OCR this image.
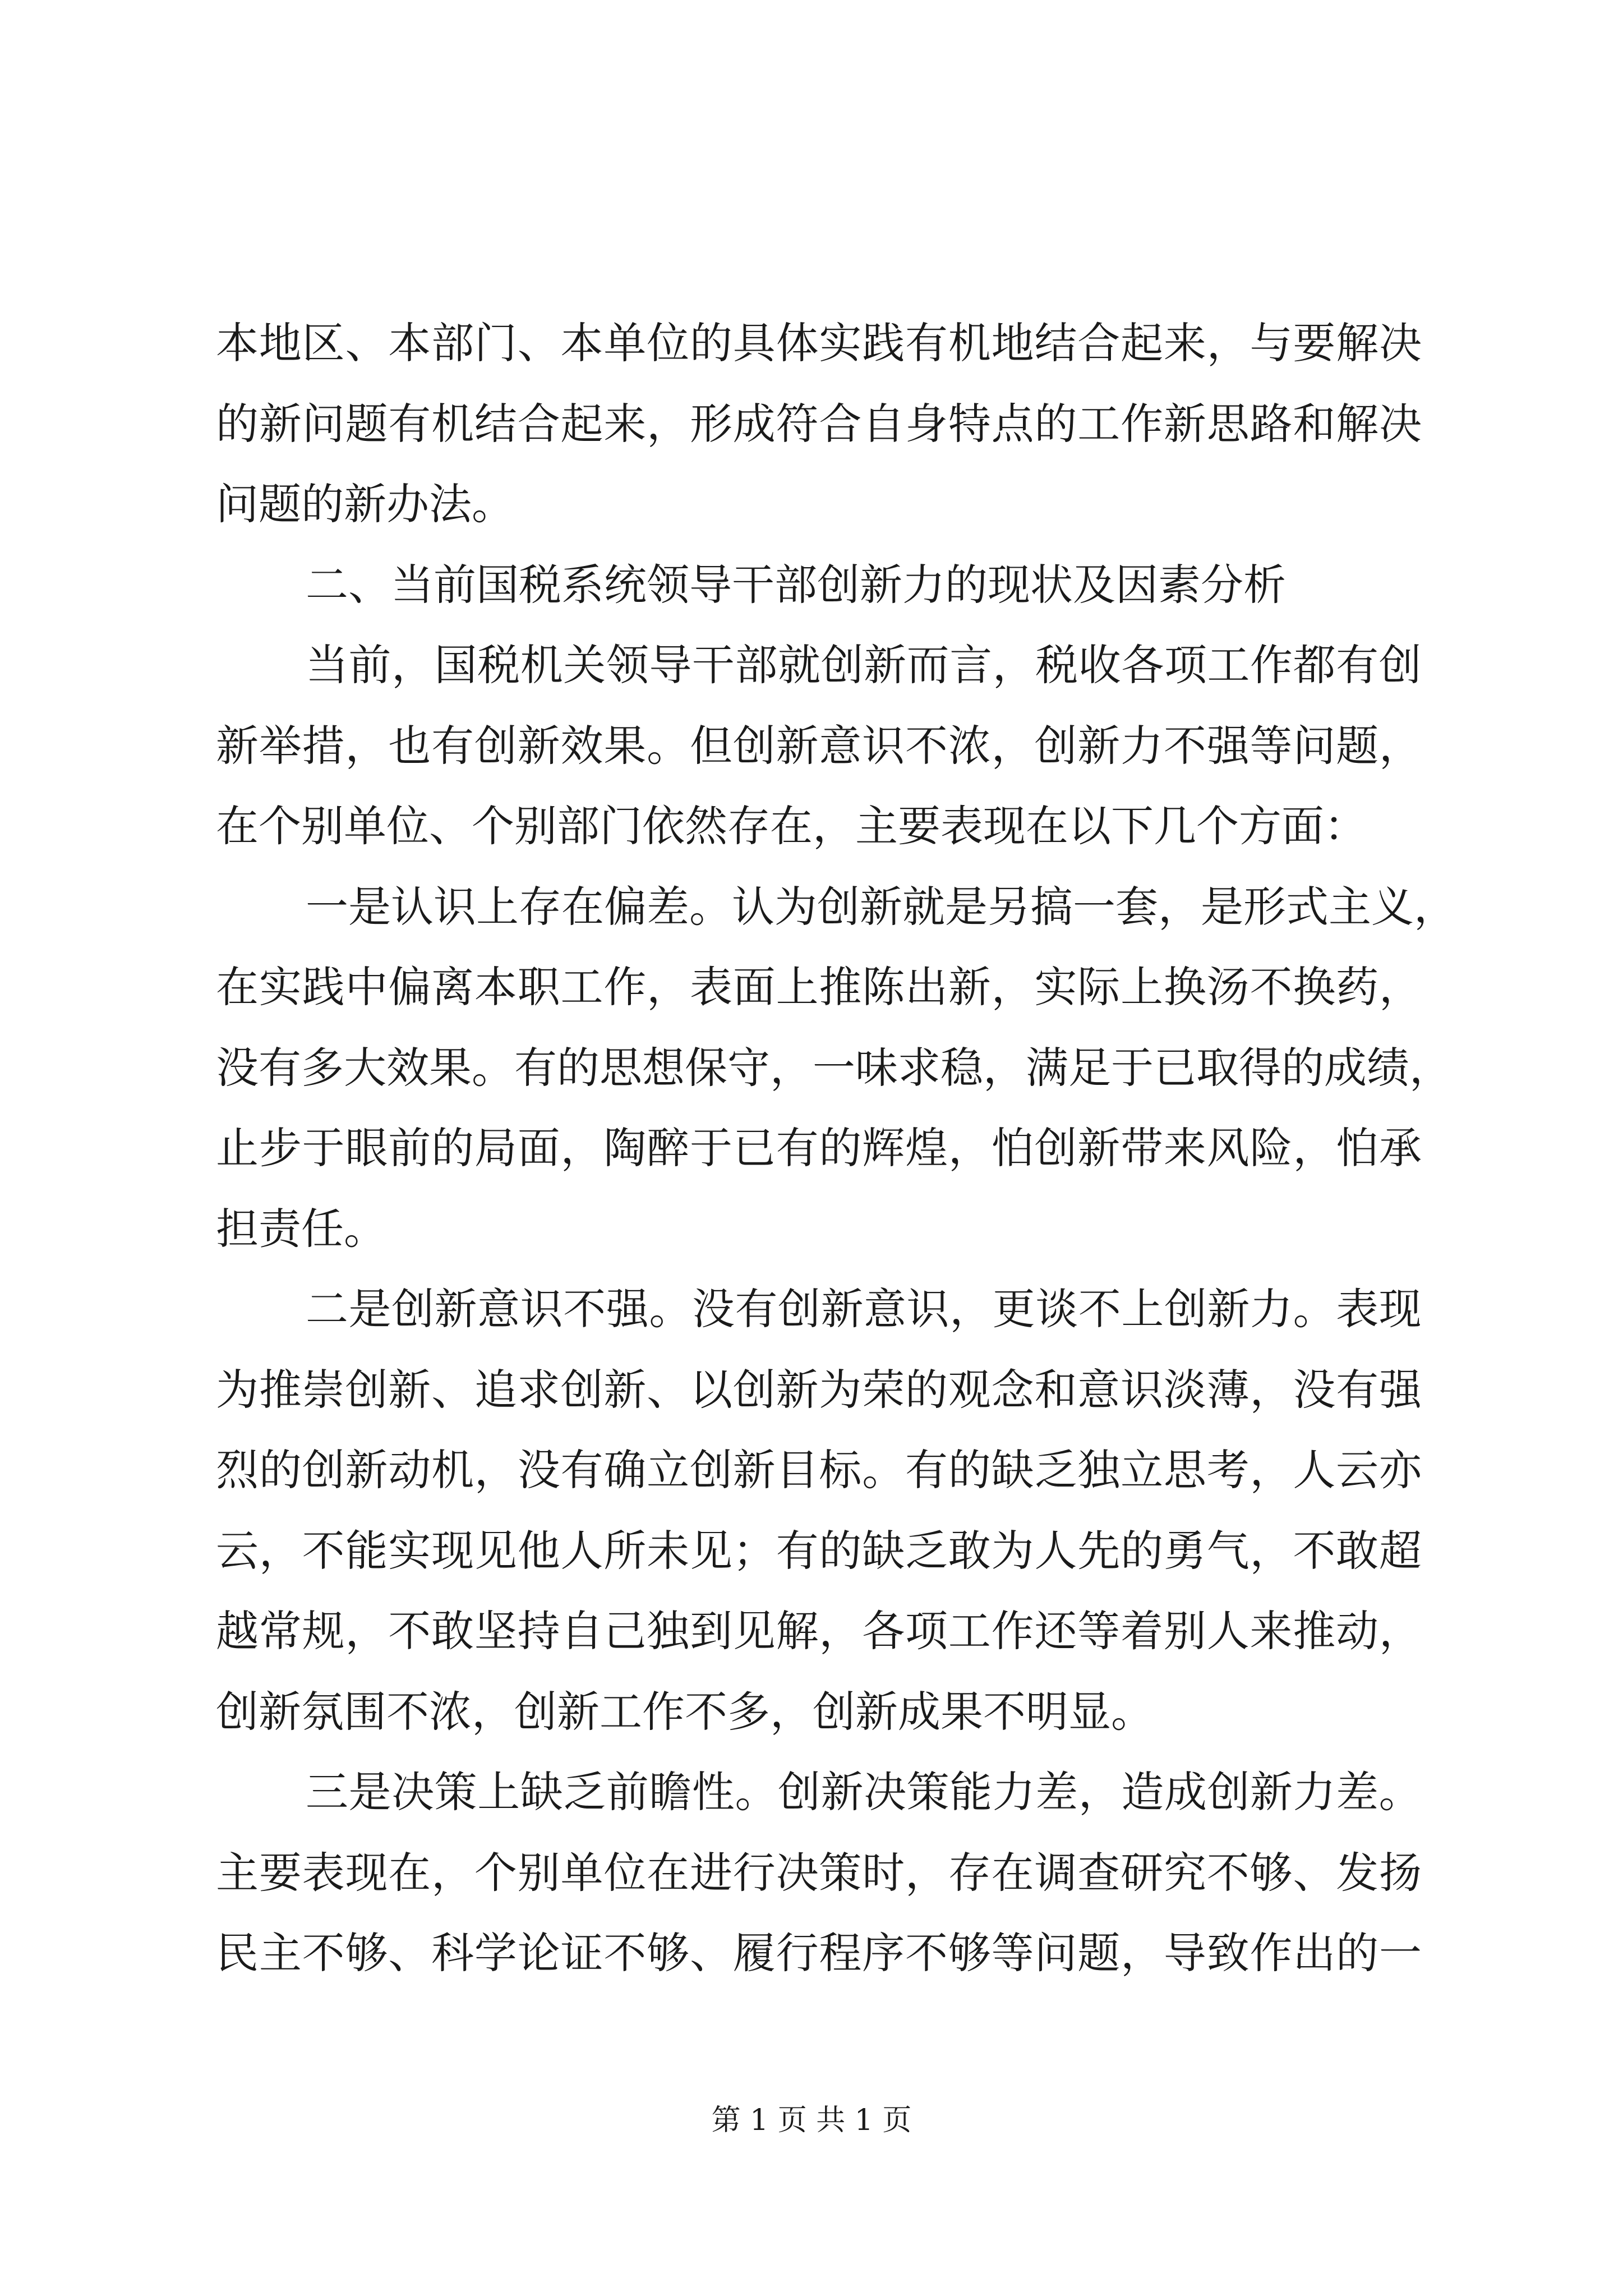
本 地 区 、 本 部 门 、 本 单 位 的 具 体 实 践 有 机 地 结 合 起 来 ， 与 要 解 决
的 新 问 题 有 机 结 合 起 来 ， 形 成 符 合 自 身 特 点 的 工 作 新 思 路 和 解 决
问 题 的 新 办 法 。
二 、 当 前 国 税 系 统 领 导 干 部 创 新 力 的 现 状 及 因 素 分 析
当 前 ， 国 税 机 关 领 导 干 部 就 创 新 而 言 ， 税 收 各 项 工 作 都 有 创
新 举 措 ， 也 有 创 新 效 果 。 但 创 新 意 识 不 浓 ， 创 新 力 不 强 等 问 题 ，
在 个 别 单 位 、 个 别 部 门 依 然 存 在 ， 主 要 表 现 在 以 下 几 个 方 面 ：
一 是 认 识 上 存 在 偏 差 。 认 为 创 新 就 是 另 搞 一 套 ， 是 形 式 主 义 ，
在 实 践 中 偏 离 本 职 工 作 ， 表 面 上 推 陈 出 新 ， 实 际 上 换 汤 不 换 药 ，
没 有 多 大 效 果 。 有 的 思 想 保 守 ， 一 味 求 稳 ， 满 足 于 已 取 得 的 成 绩 ，
止 步 于 眼 前 的 局 面 ， 陶 醉 于 已 有 的 辉 煌 ， 怕 创 新 带 来 风 险 ， 怕 承
担 责 任 。
二 是 创 新 意 识 不 强 。 没 有 创 新 意 识 ， 更 谈 不 上 创 新 力 。 表 现
为 推 崇 创 新 、 追 求 创 新 、 以 创 新 为 荣 的 观 念 和 意 识 淡 薄 ， 没 有 强
烈 的 创 新 动 机 ， 没 有 确 立 创 新 目 标 。 有 的 缺 乏 独 立 思 考 ， 人 云 亦
云 ， 不 能 实 现 见 他 人 所 未 见 ； 有 的 缺 乏 敢 为 人 先 的 勇 气 ， 不 敢 超
越 常 规 ， 不 敢 坚 持 自 己 独 到 见 解 ， 各 项 工 作 还 等 着 别 人 来 推 动 ，
创 新 氛 围 不 浓 ， 创 新 工 作 不 多 ， 创 新 成 果 不 明 显 。
三 是 决 策 上 缺 乏 前 瞻 性 。 创 新 决 策 能 力 差 ， 造 成 创 新 力 差 。
主 要 表 现 在 ， 个 别 单 位 在 进 行 决 策 时 ， 存 在 调 查 研 究 不 够 、 发 扬
民 主 不 够 、 科 学 论 证 不 够 、 履 行 程 序 不 够 等 问 题 ， 导 致 作 出 的 一
第 1 页 共 1 页
